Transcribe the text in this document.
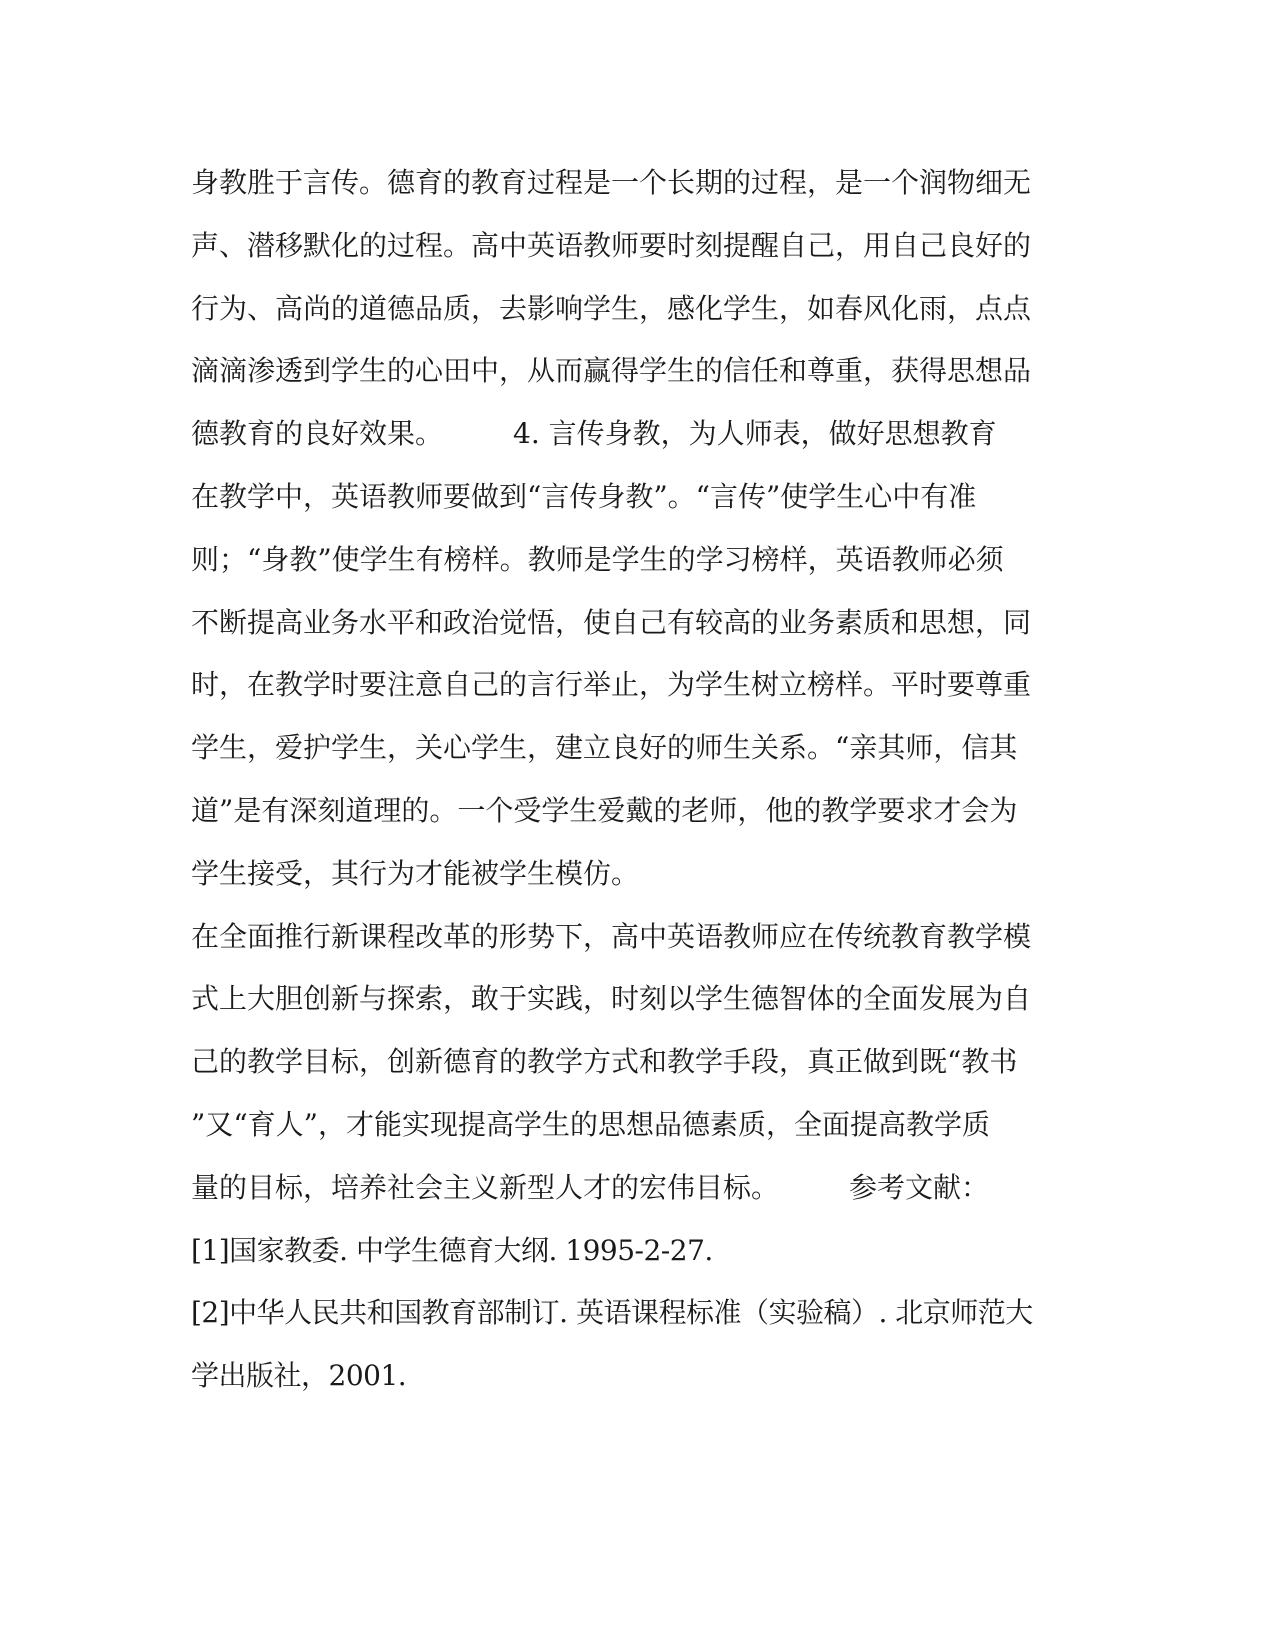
身教胜于言传。德育的教育过程是一个长期的过程，是一个润物细无
声、潜移默化的过程。高中英语教师要时刻提醒自己，用自己良好的
行为、高尚的道德品质，去影响学生，感化学生，如春风化雨，点点
滴滴渗透到学生的心田中，从而赢得学生的信任和尊重，获得思想品
德教育的良好效果。　　　4. 言传身教，为人师表，做好思想教育
在教学中，英语教师要做到“言传身教”。“言传”使学生心中有准
则；“身教”使学生有榜样。教师是学生的学习榜样，英语教师必须
不断提高业务水平和政治觉悟，使自己有较高的业务素质和思想，同
时，在教学时要注意自己的言行举止，为学生树立榜样。平时要尊重
学生，爱护学生，关心学生，建立良好的师生关系。“亲其师，信其
道”是有深刻道理的。一个受学生爱戴的老师，他的教学要求才会为
学生接受，其行为才能被学生模仿。
在全面推行新课程改革的形势下，高中英语教师应在传统教育教学模
式上大胆创新与探索，敢于实践，时刻以学生德智体的全面发展为自
己的教学目标，创新德育的教学方式和教学手段，真正做到既“教书
”又“育人”，才能实现提高学生的思想品德素质，全面提高教学质
量的目标，培养社会主义新型人才的宏伟目标。　　　参考文献：
[1]国家教委. 中学生德育大纲. 1995-2-27.
[2]中华人民共和国教育部制订. 英语课程标准（实验稿）. 北京师范大
学出版社，2001.
